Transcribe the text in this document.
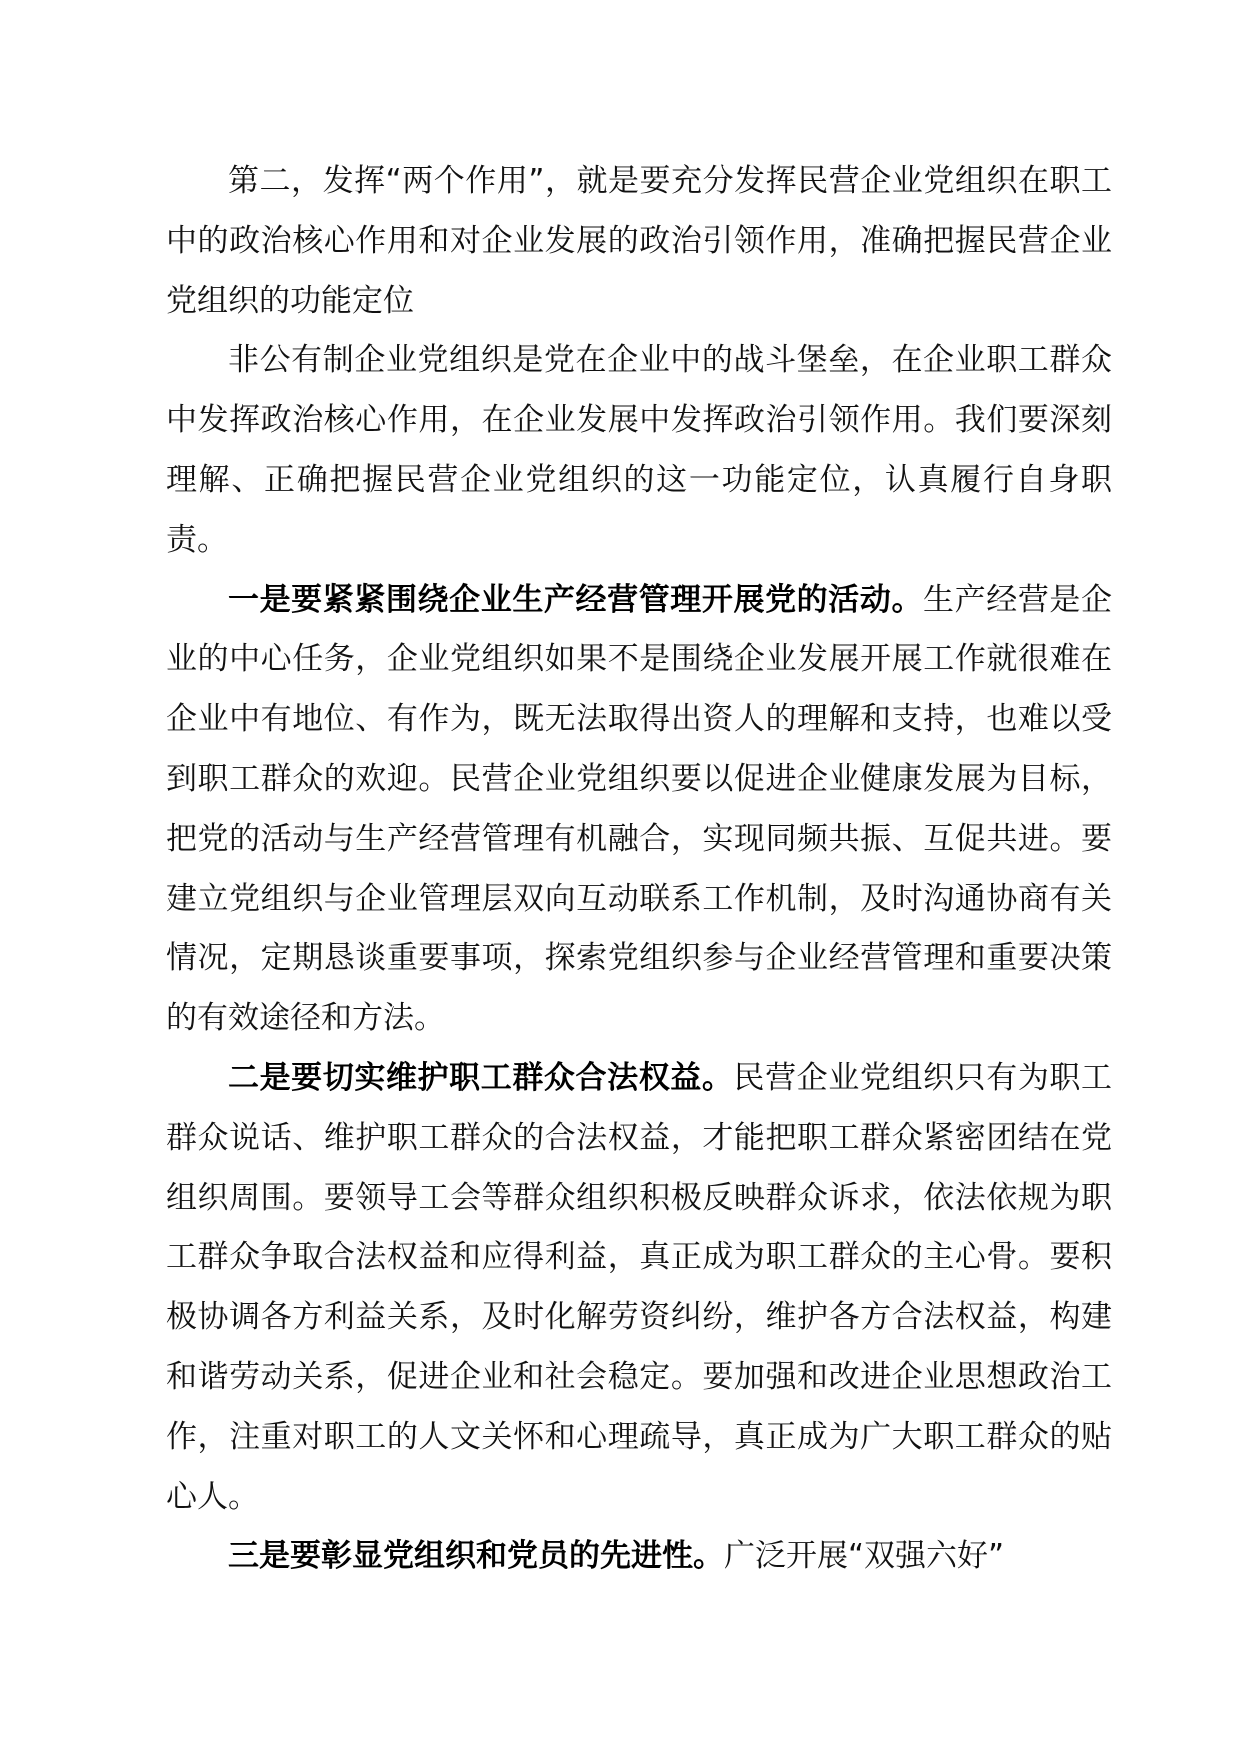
第二，发挥“两个作用”，就是要充分发挥民营企业党组织在职工中的政治核心作用和对企业发展的政治引领作用，准确把握民营企业党组织的功能定位

非公有制企业党组织是党在企业中的战斗堡垒，在企业职工群众中发挥政治核心作用，在企业发展中发挥政治引领作用。我们要深刻理解、正确把握民营企业党组织的这一功能定位，认真履行自身职责。

一是要紧紧围绕企业生产经营管理开展党的活动。生产经营是企业的中心任务，企业党组织如果不是围绕企业发展开展工作就很难在企业中有地位、有作为，既无法取得出资人的理解和支持，也难以受到职工群众的欢迎。民营企业党组织要以促进企业健康发展为目标，把党的活动与生产经营管理有机融合，实现同频共振、互促共进。要建立党组织与企业管理层双向互动联系工作机制，及时沟通协商有关情况，定期恳谈重要事项，探索党组织参与企业经营管理和重要决策的有效途径和方法。

二是要切实维护职工群众合法权益。民营企业党组织只有为职工群众说话、维护职工群众的合法权益，才能把职工群众紧密团结在党组织周围。要领导工会等群众组织积极反映群众诉求，依法依规为职工群众争取合法权益和应得利益，真正成为职工群众的主心骨。要积极协调各方利益关系，及时化解劳资纠纷，维护各方合法权益，构建和谐劳动关系，促进企业和社会稳定。要加强和改进企业思想政治工作，注重对职工的人文关怀和心理疏导，真正成为广大职工群众的贴心人。

三是要彰显党组织和党员的先进性。广泛开展“双强六好”
